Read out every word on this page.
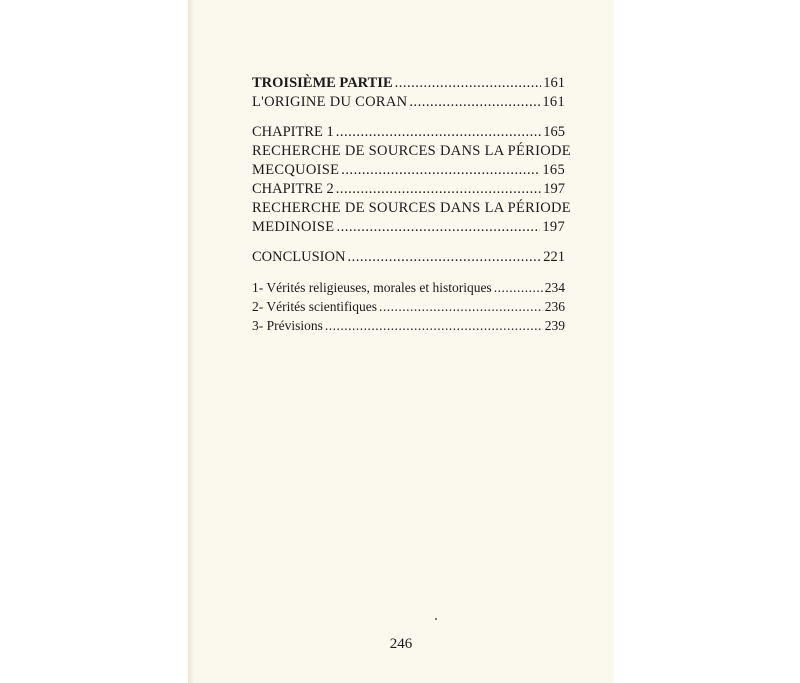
TROISIÈME PARTIE .....	161
L'ORIGINE DU CORAN .....	161
CHAPITRE 1 .....	165
RECHERCHE DE SOURCES DANS LA PÉRIODE
MECQUOISE .....	165
CHAPITRE 2 .....	197
RECHERCHE DE SOURCES DANS LA PÉRIODE
MEDINOISE .....	197
CONCLUSION .....	221
1- Vérités religieuses, morales et historiques .....	234
2- Vérités scientifiques .....	236
3- Prévisions .....	239
246
